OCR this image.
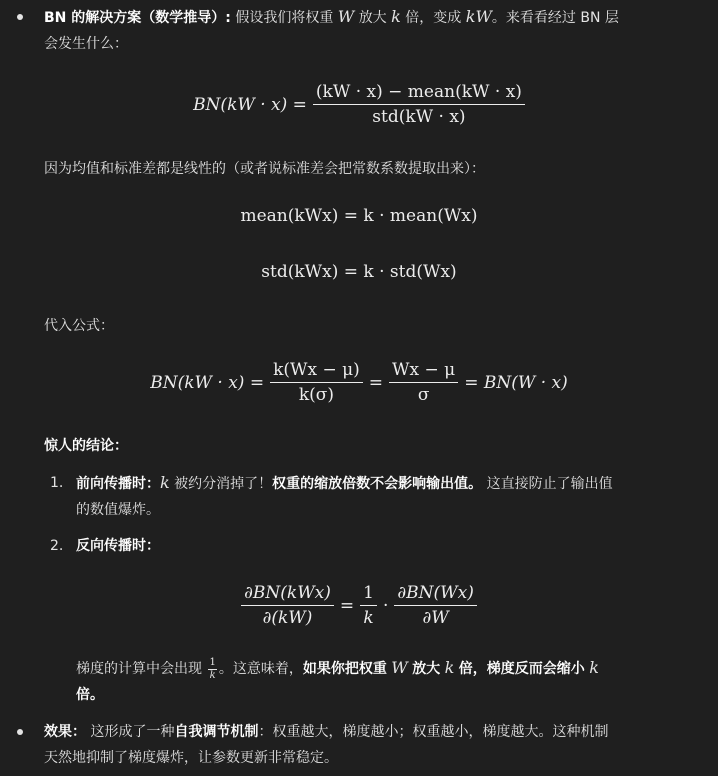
BN 的解决方案（数学推导）: 假设我们将权重 W 放大 k 倍，变成 kW。来看看经过 BN 层
会发生什么：
$BN(kW \cdot x) = \frac{\text{(kW · x) − mean(kW · x)}}{\text{std(kW · x)}}$
因为均值和标准差都是线性的（或者说标准差会把常数系数提取出来）：
mean(kWx) = k · mean(Wx)
std(kWx) = k · std(Wx)
代入公式：
$BN(kW \cdot x) = \frac{k(Wx - \mu)}{k(\sigma)} = \frac{Wx - \mu}{\sigma} = BN(W \cdot x)$
惊人的结论：
1. 前向传播时：k 被约分消掉了！权重的缩放倍数不会影响输出值。 这直接防止了输出值
的数值爆炸。
2. 反向传播时：
$\frac{\text{∂BN(kWx)}}{\partial(kW)} = \frac{1}{k} \cdot \frac{\partial BN(Wx)}{\partial W}$
梯度的计算中会出现 $\frac{1}{k}$ 。这意味着，如果你把权重 W 放大 k 倍，梯度反而会缩小 k
倍。
效果： 这形成了一种自我调节机制：权重越大，梯度越小；权重越小，梯度越大。这种机制
天然地抑制了梯度爆炸，让参数更新非常稳定。
